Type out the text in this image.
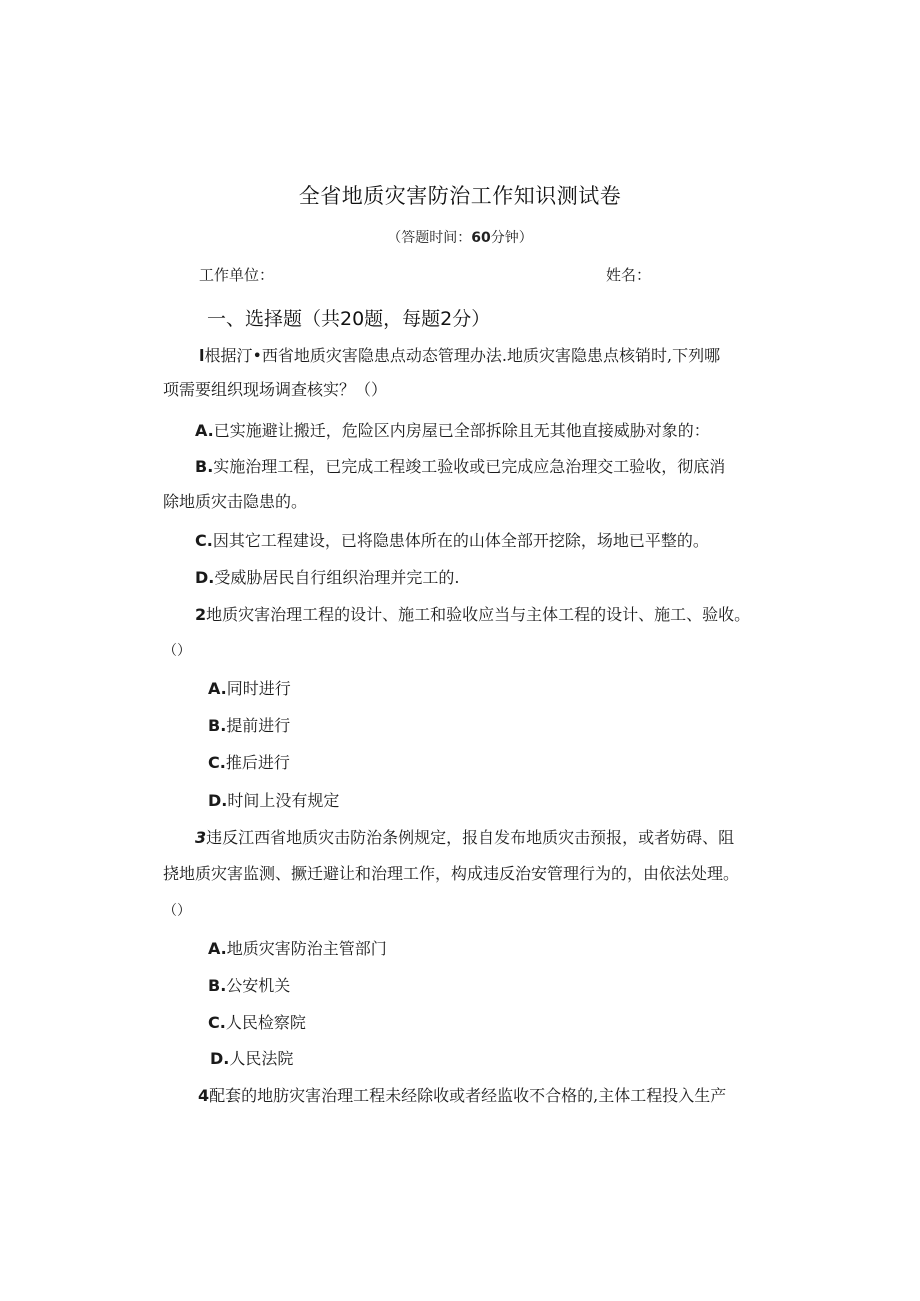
全省地质灾害防治工作知识测试卷
（答题时间：60分钟）
工作单位：	姓名：
一、选择题（共20题，每题2分）
l根据汀•西省地质灾害隐患点动态管理办法.地质灾害隐患点核销时,下列哪
项需要组织现场调查核实？（）
A.已实施避让搬迁，危险区内房屋已全部拆除且无其他直接威胁对象的：
B.实施治理工程，已完成工程竣工验收或已完成应急治理交工验收，彻底消
除地质灾击隐患的。
C.因其它工程建设，已将隐患体所在的山体全部开挖除，场地已平整的。
D.受威胁居民自行组织治理并完工的.
2地质灾害治理工程的设计、施工和验收应当与主体工程的设计、施工、验收。
（）
A.同时进行
B.提前进行
C.推后进行
D.时间上没有规定
3违反江西省地质灾击防治条例规定，报自发布地质灾击预报，或者妨碍、阻
挠地质灾害监测、撅迁避让和治理工作，构成违反治安管理行为的，由依法处理。
（）
A.地质灾害防治主管部门
B.公安机关
C.人民检察院
D.人民法院
4配套的地肪灾害治理工程未经除收或者经监收不合格的,主体工程投入生产
